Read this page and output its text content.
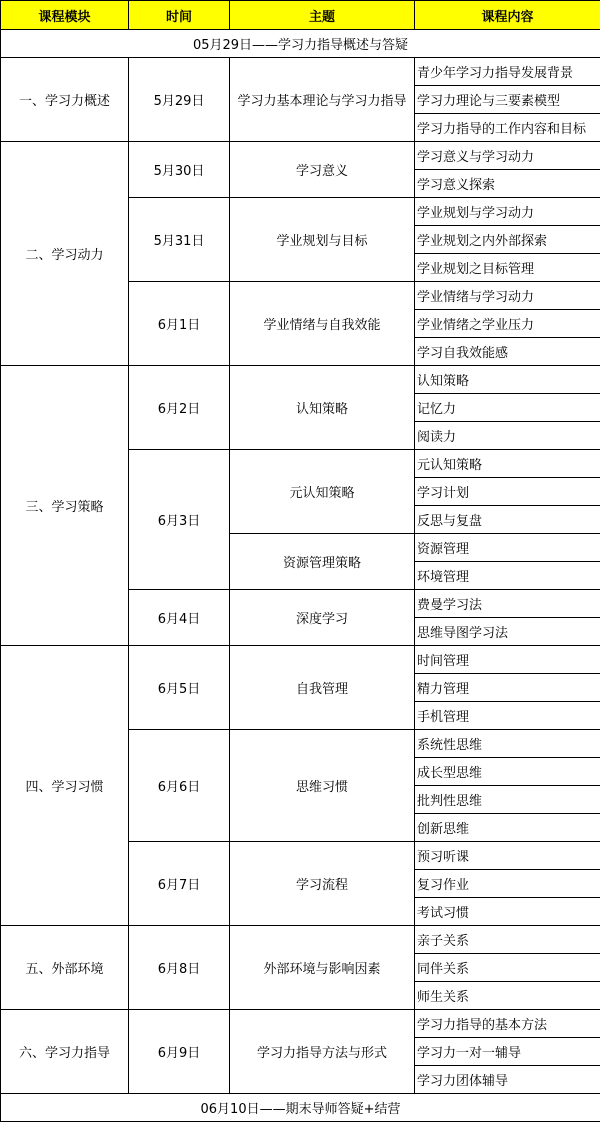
课程模块	时间	主题	课程内容
05月29日——学习力指导概述与答疑			
一、学习力概述	5月29日	学习力基本理论与学习力指导	青少年学习力指导发展背景
			学习力理论与三要素模型
			学习力指导的工作内容和目标
二、学习动力	5月30日	学习意义	学习意义与学习动力
			学习意义探索
	5月31日	学业规划与目标	学业规划与学习动力
			学业规划之内外部探索
			学业规划之目标管理
	6月1日	学业情绪与自我效能	学业情绪与学习动力
			学业情绪之学业压力
			学习自我效能感
三、学习策略	6月2日	认知策略	认知策略
			记忆力
			阅读力
	6月3日	元认知策略	元认知策略
			学习计划
			反思与复盘
		资源管理策略	资源管理
			环境管理
	6月4日	深度学习	费曼学习法
			思维导图学习法
四、学习习惯	6月5日	自我管理	时间管理
			精力管理
			手机管理
	6月6日	思维习惯	系统性思维
			成长型思维
			批判性思维
			创新思维
	6月7日	学习流程	预习听课
			复习作业
			考试习惯
五、外部环境	6月8日	外部环境与影响因素	亲子关系
			同伴关系
			师生关系
六、学习力指导	6月9日	学习力指导方法与形式	学习力指导的基本方法
			学习力一对一辅导
			学习力团体辅导
06月10日——期末导师答疑+结营			
